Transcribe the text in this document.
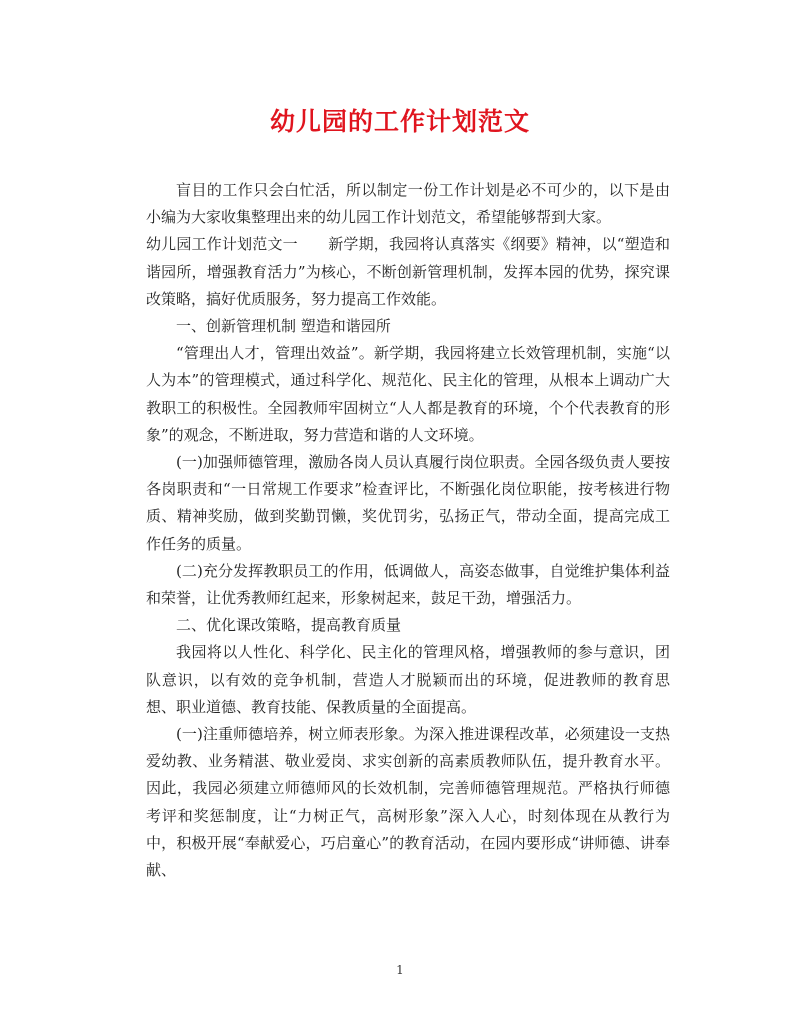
幼儿园的工作计划范文

盲目的工作只会白忙活，所以制定一份工作计划是必不可少的，以下是由小编为大家收集整理出来的幼儿园工作计划范文，希望能够帮到大家。

幼儿园工作计划范文一　　新学期，我园将认真落实《纲要》精神，以“塑造和谐园所，增强教育活力”为核心，不断创新管理机制，发挥本园的优势，探究课改策略，搞好优质服务，努力提高工作效能。

一、创新管理机制 塑造和谐园所

“管理出人才，管理出效益”。新学期，我园将建立长效管理机制，实施“以人为本”的管理模式，通过科学化、规范化、民主化的管理，从根本上调动广大教职工的积极性。全园教师牢固树立“人人都是教育的环境，个个代表教育的形象”的观念，不断进取，努力营造和谐的人文环境。

(一)加强师德管理，激励各岗人员认真履行岗位职责。全园各级负责人要按各岗职责和“一日常规工作要求”检查评比，不断强化岗位职能，按考核进行物质、精神奖励，做到奖勤罚懒，奖优罚劣，弘扬正气，带动全面，提高完成工作任务的质量。

(二)充分发挥教职员工的作用，低调做人，高姿态做事，自觉维护集体利益和荣誉，让优秀教师红起来，形象树起来，鼓足干劲，增强活力。

二、优化课改策略，提高教育质量

我园将以人性化、科学化、民主化的管理风格，增强教师的参与意识，团队意识，以有效的竞争机制，营造人才脱颖而出的环境，促进教师的教育思想、职业道德、教育技能、保教质量的全面提高。

(一)注重师德培养，树立师表形象。为深入推进课程改革，必须建设一支热爱幼教、业务精湛、敬业爱岗、求实创新的高素质教师队伍，提升教育水平。因此，我园必须建立师德师风的长效机制，完善师德管理规范。严格执行师德考评和奖惩制度，让“力树正气，高树形象”深入人心，时刻体现在从教行为中，积极开展“奉献爱心，巧启童心”的教育活动，在园内要形成“讲师德、讲奉献、

1
